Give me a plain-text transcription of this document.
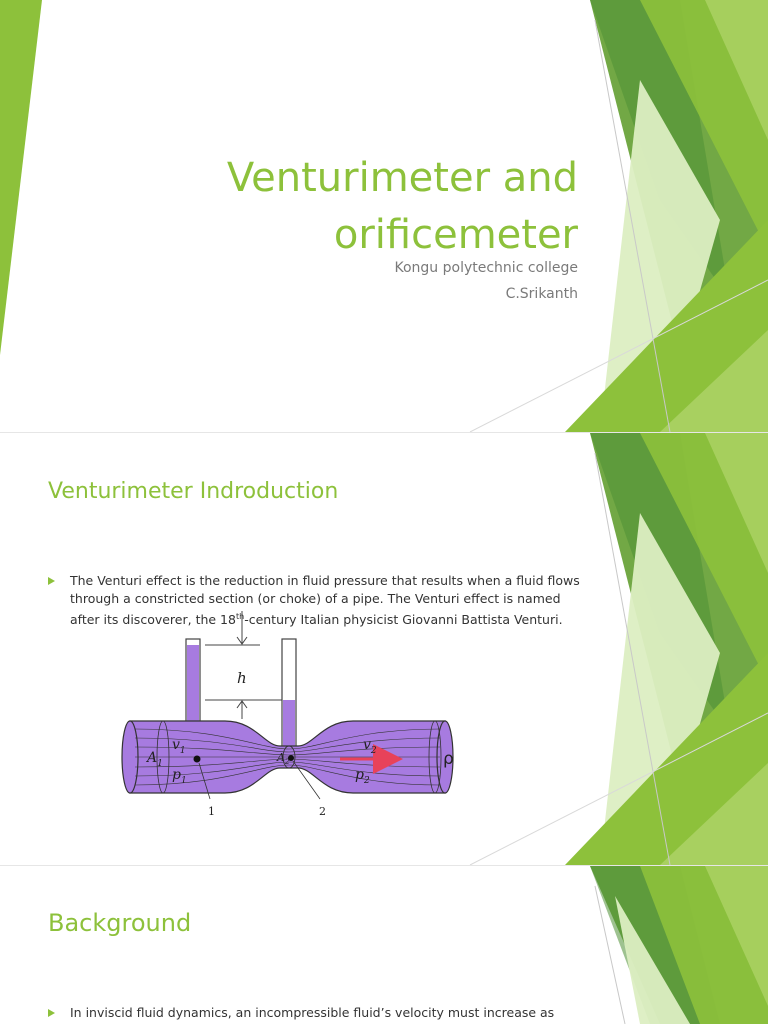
Venturimeter and orificemeter
Kongu polytechnic college
C.Srikanth
Venturimeter Indroduction
The Venturi effect is the reduction in fluid pressure that results when a fluid flows through a constricted section (or choke) of a pipe. The Venturi effect is named after its discoverer, the 18th-century Italian physicist Giovanni Battista Venturi.
h
$A_1$
$v_1$
$p_1$
$A_2$
$v_2$
$p_2$
ρ
1	2
Background
In inviscid fluid dynamics, an incompressible fluid’s velocity must increase as
